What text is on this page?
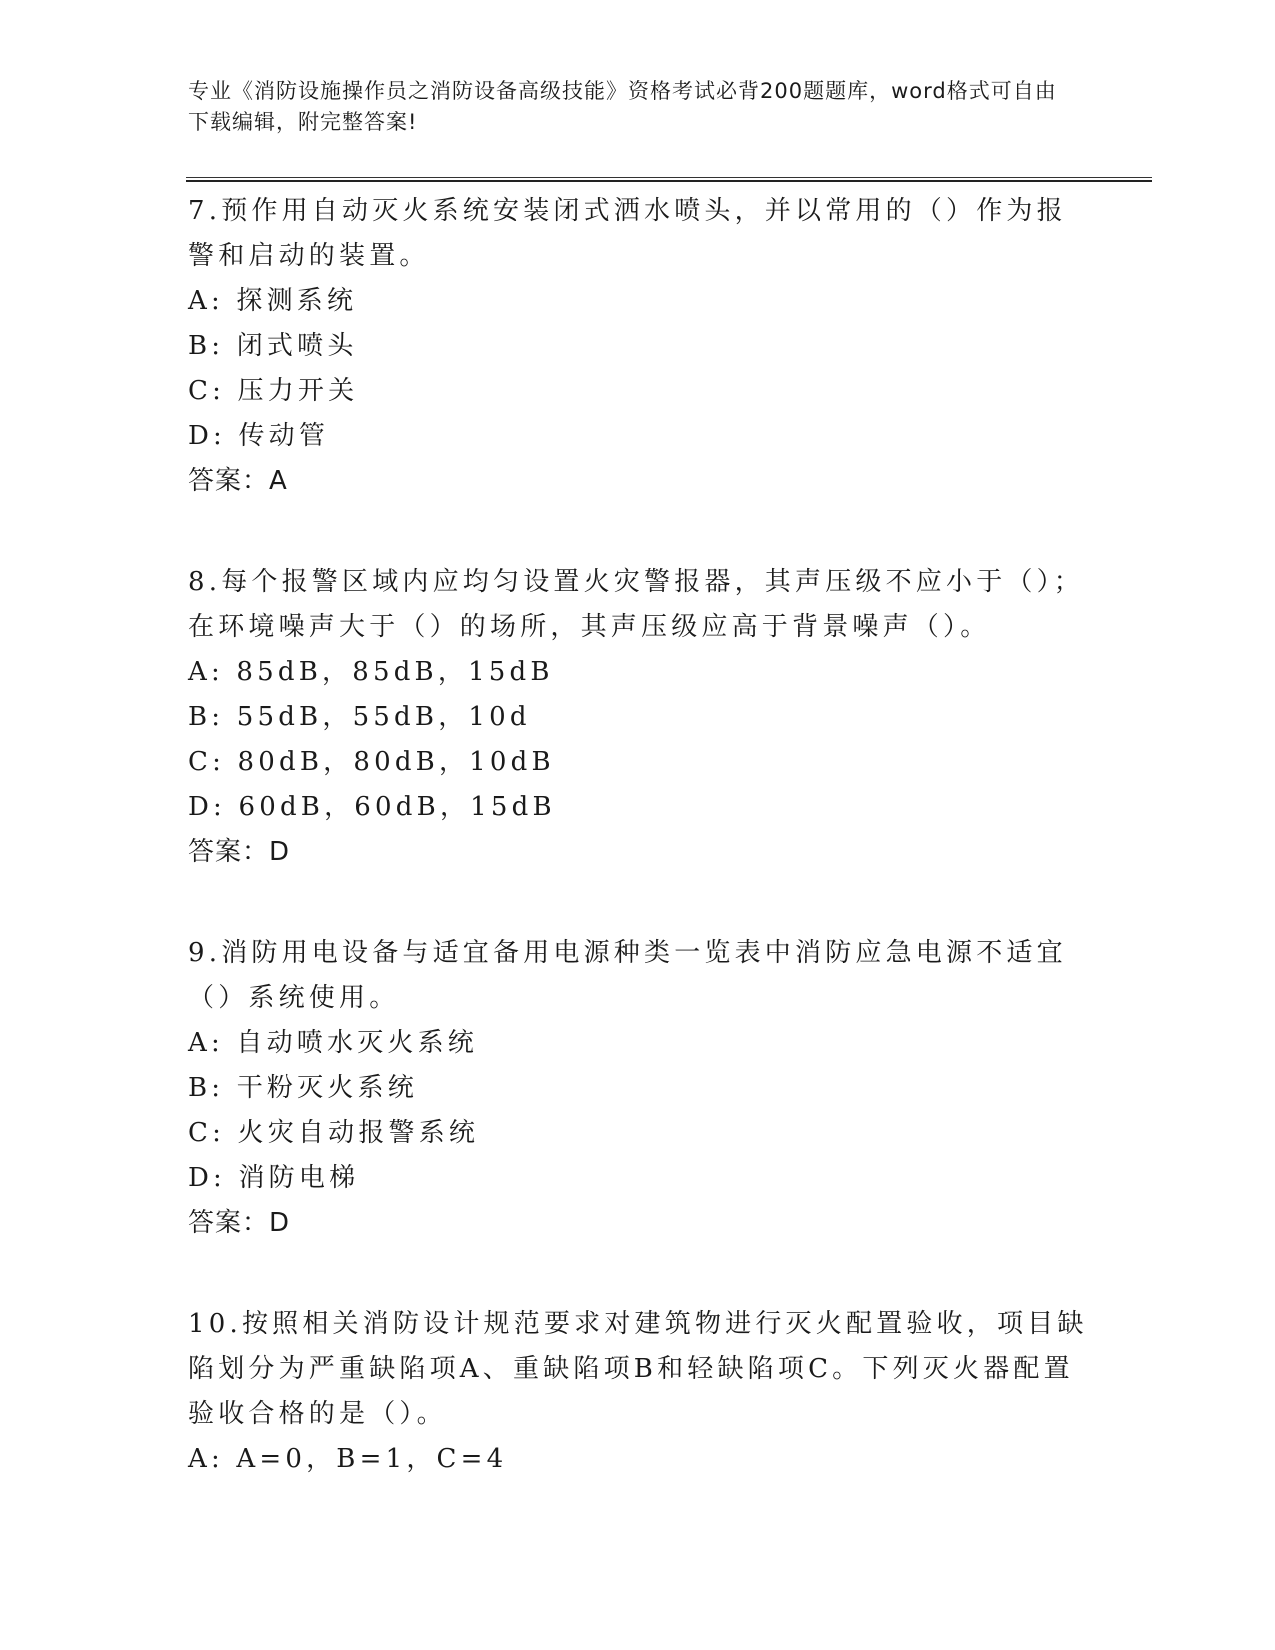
专业《消防设施操作员之消防设备高级技能》资格考试必背200题题库，word格式可自由下载编辑，附完整答案!
7.预作用自动灭火系统安装闭式洒水喷头，并以常用的（）作为报警和启动的装置。
A: 探测系统
B: 闭式喷头
C: 压力开关
D: 传动管
答案：A
8.每个报警区域内应均匀设置火灾警报器，其声压级不应小于（）；在环境噪声大于（）的场所，其声压级应高于背景噪声（）。
A: 85dB，85dB，15dB
B: 55dB，55dB，10d
C: 80dB，80dB，10dB
D: 60dB，60dB，15dB
答案：D
9.消防用电设备与适宜备用电源种类一览表中消防应急电源不适宜（）系统使用。
A: 自动喷水灭火系统
B: 干粉灭火系统
C: 火灾自动报警系统
D: 消防电梯
答案：D
10.按照相关消防设计规范要求对建筑物进行灭火配置验收，项目缺陷划分为严重缺陷项A、重缺陷项B和轻缺陷项C。下列灭火器配置验收合格的是（）。
A: A=0，B=1，C=4
